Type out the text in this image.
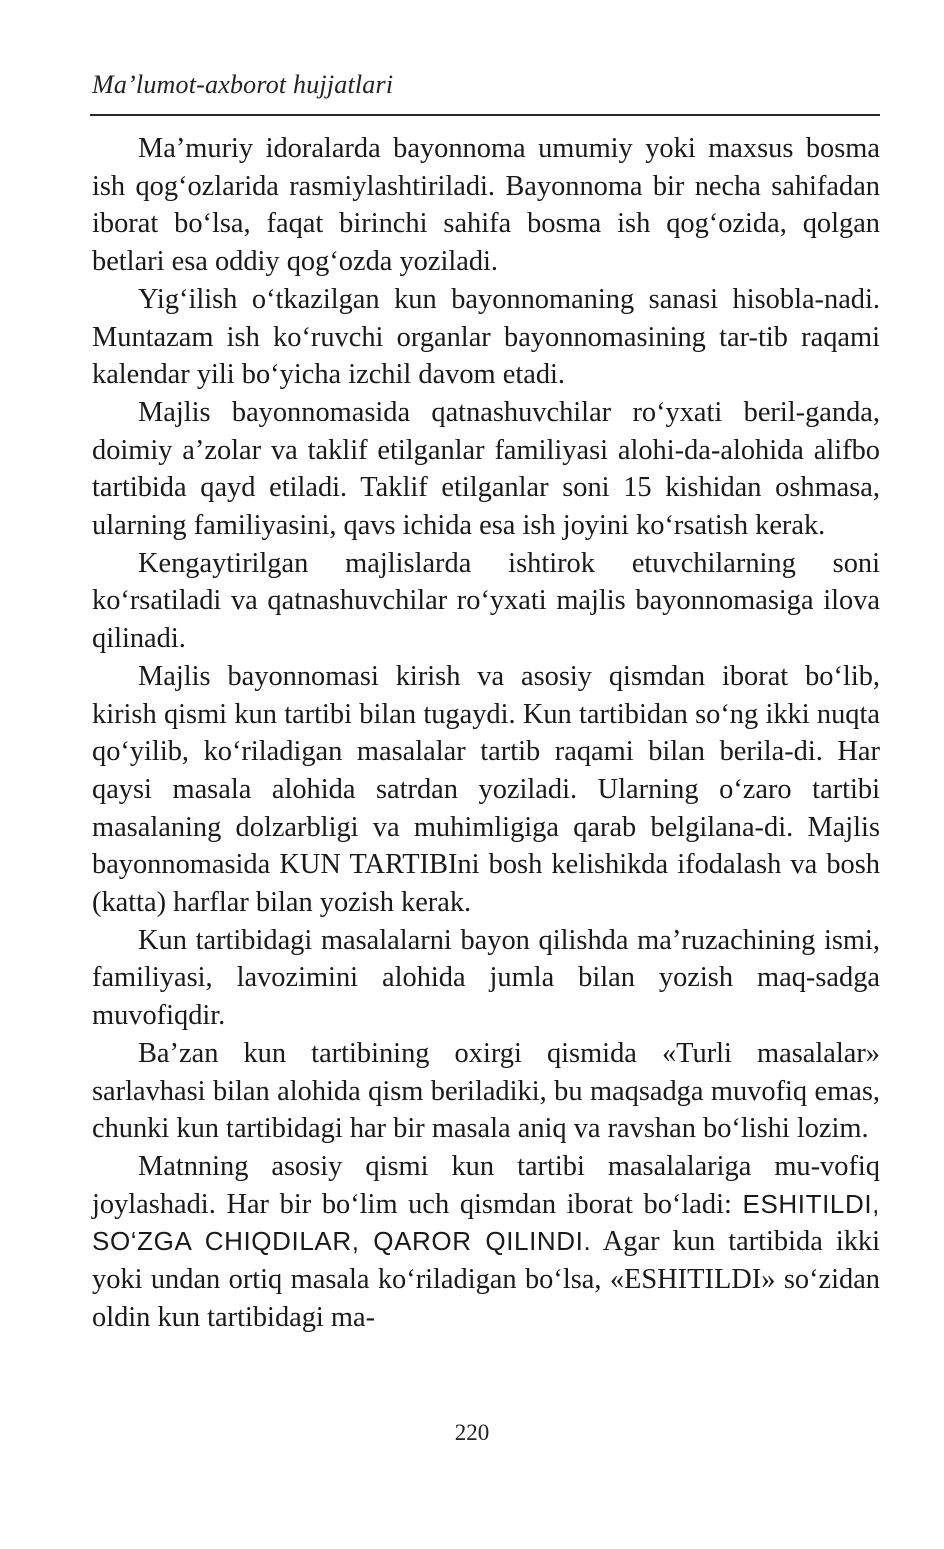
Ma’lumot-axborot hujjatlari

Ma’muriy idoralarda bayonnoma umumiy yoki maxsus bosma ish qog‘ozlarida rasmiylashtiriladi. Bayonnoma bir necha sahifadan iborat bo‘lsa, faqat birinchi sahifa bosma ish qog‘ozida, qolgan betlari esa oddiy qog‘ozda yoziladi.

Yig‘ilish o‘tkazilgan kun bayonnomaning sanasi hisobla-nadi. Muntazam ish ko‘ruvchi organlar bayonnomasining tar-tib raqami kalendar yili bo‘yicha izchil davom etadi.

Majlis bayonnomasida qatnashuvchilar ro‘yxati beril-ganda, doimiy a’zolar va taklif etilganlar familiyasi alohi-da-alohida alifbo tartibida qayd etiladi. Taklif etilganlar soni 15 kishidan oshmasa, ularning familiyasini, qavs ichida esa ish joyini ko‘rsatish kerak.

Kengaytirilgan majlislarda ishtirok etuvchilarning soni ko‘rsatiladi va qatnashuvchilar ro‘yxati majlis bayonnomasiga ilova qilinadi.

Majlis bayonnomasi kirish va asosiy qismdan iborat bo‘lib, kirish qismi kun tartibi bilan tugaydi. Kun tartibidan so‘ng ikki nuqta qo‘yilib, ko‘riladigan masalalar tartib raqami bilan berila-di. Har qaysi masala alohida satrdan yoziladi. Ularning o‘zaro tartibi masalaning dolzarbligi va muhimligiga qarab belgilana-di. Majlis bayonnomasida KUN TARTIBIni bosh kelishikda ifodalash va bosh (katta) harflar bilan yozish kerak.

Kun tartibidagi masalalarni bayon qilishda ma’ruzachining ismi, familiyasi, lavozimini alohida jumla bilan yozish maq-sadga muvofiqdir.

Ba’zan kun tartibining oxirgi qismida «Turli masalalar» sarlavhasi bilan alohida qism beriladiki, bu maqsadga muvofiq emas, chunki kun tartibidagi har bir masala aniq va ravshan bo‘lishi lozim.

Matnning asosiy qismi kun tartibi masalalariga mu-vofiq joylashadi. Har bir bo‘lim uch qismdan iborat bo‘ladi: ESHITILDI, SO‘ZGA CHIQDILAR, QAROR QILINDI. Agar kun tartibida ikki yoki undan ortiq masala ko‘riladigan bo‘lsa, «ESHITILDI» so‘zidan oldin kun tartibidagi ma-

220
